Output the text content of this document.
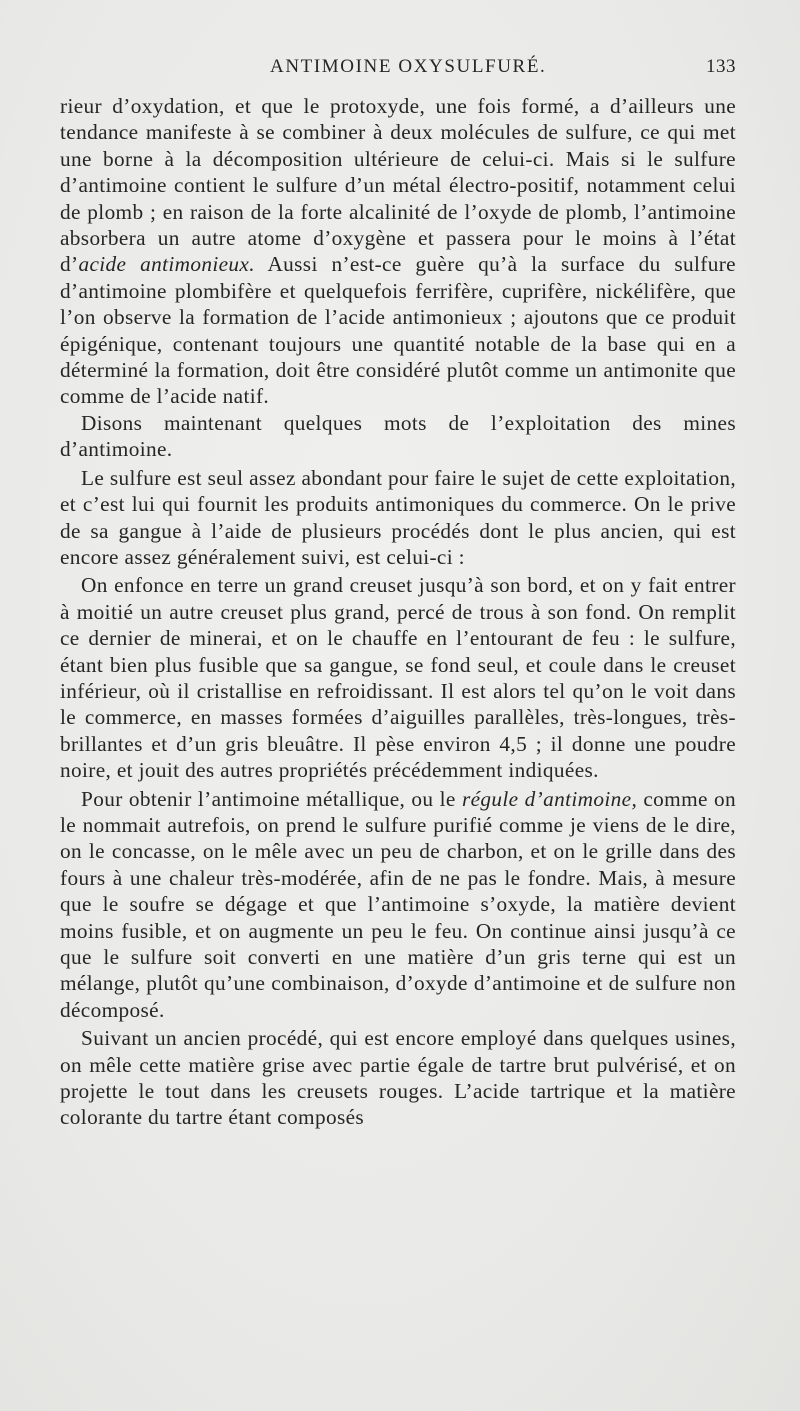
ANTIMOINE OXYSULFURÉ.	133

rieur d’oxydation, et que le protoxyde, une fois formé, a d’ailleurs une tendance manifeste à se combiner à deux molécules de sulfure, ce qui met une borne à la décomposition ultérieure de celui-ci. Mais si le sulfure d’antimoine contient le sulfure d’un métal électro-positif, notamment celui de plomb ; en raison de la forte alcalinité de l’oxyde de plomb, l’antimoine absorbera un autre atome d’oxygène et passera pour le moins à l’état d’acide antimonieux. Aussi n’est-ce guère qu’à la surface du sulfure d’antimoine plombifère et quelquefois ferrifère, cuprifère, nickélifère, que l’on observe la formation de l’acide antimonieux ; ajoutons que ce produit épigénique, contenant toujours une quantité notable de la base qui en a déterminé la formation, doit être considéré plutôt comme un antimonite que comme de l’acide natif.

Disons maintenant quelques mots de l’exploitation des mines d’antimoine.

Le sulfure est seul assez abondant pour faire le sujet de cette exploitation, et c’est lui qui fournit les produits antimoniques du commerce. On le prive de sa gangue à l’aide de plusieurs procédés dont le plus ancien, qui est encore assez généralement suivi, est celui-ci :

On enfonce en terre un grand creuset jusqu’à son bord, et on y fait entrer à moitié un autre creuset plus grand, percé de trous à son fond. On remplit ce dernier de minerai, et on le chauffe en l’entourant de feu : le sulfure, étant bien plus fusible que sa gangue, se fond seul, et coule dans le creuset inférieur, où il cristallise en refroidissant. Il est alors tel qu’on le voit dans le commerce, en masses formées d’aiguilles parallèles, très-longues, très-brillantes et d’un gris bleuâtre. Il pèse environ 4,5 ; il donne une poudre noire, et jouit des autres propriétés précédemment indiquées.

Pour obtenir l’antimoine métallique, ou le régule d’antimoine, comme on le nommait autrefois, on prend le sulfure purifié comme je viens de le dire, on le concasse, on le mêle avec un peu de charbon, et on le grille dans des fours à une chaleur très-modérée, afin de ne pas le fondre. Mais, à mesure que le soufre se dégage et que l’antimoine s’oxyde, la matière devient moins fusible, et on augmente un peu le feu. On continue ainsi jusqu’à ce que le sulfure soit converti en une matière d’un gris terne qui est un mélange, plutôt qu’une combinaison, d’oxyde d’antimoine et de sulfure non décomposé.

Suivant un ancien procédé, qui est encore employé dans quelques usines, on mêle cette matière grise avec partie égale de tartre brut pulvérisé, et on projette le tout dans les creusets rouges. L’acide tartrique et la matière colorante du tartre étant composés
